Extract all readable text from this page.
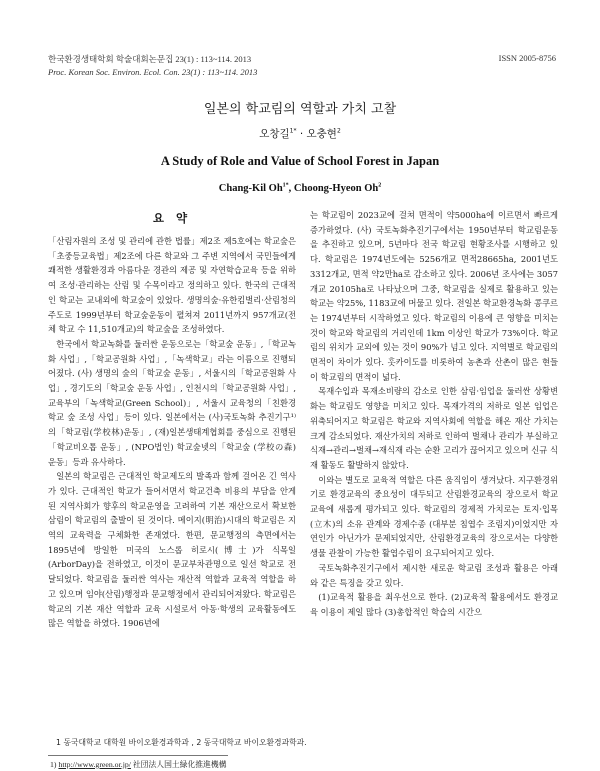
한국환경생태학회 학술대회논문집 23(1) : 113~114. 2013	ISSN 2005-8756
Proc. Korean Soc. Environ. Ecol. Con. 23(1) : 113~114. 2013
일본의 학교림의 역할과 가치 고찰
오창길$^{1*}$ · 오충현$^2$
A Study of Role and Value of School Forest in Japan
Chang-Kil $Oh^{1*}$, Choong-Hyeon Oh$^2$
요 약

「산림자원의 조성 및 관리에 관한 법률」제2조 제5호에는 학교숲은「초중등교육법」제2조에 다른 학교와 그 주변 지역에서 국민들에게 쾌적한 생활환경과 아름다운 경관의 제공 및 자연학습교육 등을 위하여 조성·관리하는 산림 및 수목이라고 정의하고 있다. 한국의 근대적인 학교는 교내외에 학교숲이 있었다. 생명의숲·유한킴벌리·산림청의 주도로 1999년부터 학교숲운동이 펼쳐져 2011년까지 957개교(전체 학교 수 11,510개교)의 학교숲을 조성하였다.

한국에서 학교녹화를 둘러싼 운동으로는「학교숲 운동」,「학교녹화 사업」,「학교공원화 사업」,「녹색학교」라는 이름으로 진행되어졌다. (사) 생명의 숲의「학교숲 운동」, 서울시의「학교공원화 사업」, 경기도의「학교숲 운동 사업」, 인천시의「학교공원화 사업」, 교육부의「녹색학교(Green School)」, 서울시 교육청의「친환경 학교 숲 조성 사업」등이 있다. 일본에서는 (사)국토녹화 추진기구¹⁾의「학교림(学校林)운동」, (재)일본생태계협회를 중심으로 진행된「학교비오톱 운동」, (NPO법인) 학교숲넷의「학교숲 (学校の森)운동」등과 유사하다.

일본의 학교림은 근대적인 학교제도의 발족과 함께 걸어온 긴 역사가 있다. 근대적인 학교가 들어서면서 학교건축 비용의 부담을 안게 된 지역사회가 향후의 학교운영을 고려하여 기본 재산으로서 확보한 삼림이 학교림의 출발이 된 것이다. 메이지(明治)시대의 학교림은 지역의 교육력을 구체화한 존재였다. 한편, 문교행정의 측면에서는 1895년에 방일한 미국의 노스롭 히로시(博士)가 식목일 (ArborDay)을 전하였고, 이것이 문교부차관명으로 일선 학교로 전달되었다. 학교림을 둘러싼 역사는 재산적 역할과 교육적 역할을 하고 있으며 임야(산림)행정과 문교행정에서 관리되어져왔다. 학교림은 학교의 기본 재산 역할과 교육 시설로서 아동·학생의 교육활동에도 많은 역할을 하였다. 1906년에

는 학교림이 2023교에 걸쳐 면적이 약5000ha에 이르면서 빠르게 증가하였다. (사) 국토녹화추진기구에서는 1950년부터 학교림운동을 추진하고 있으며, 5년마다 전국 학교림 현황조사를 시행하고 있다. 학교림은 1974년도에는 5256개교 면적28665ha, 2001년도 3312개교, 면적 약2만ha로 감소하고 있다. 2006년 조사에는 3057개교 20105ha로 나타났으며 그중, 학교림을 실제로 활용하고 있는 학교는 약25%, 1183교에 머물고 있다. 전일본 학교환경녹화 콩쿠르는 1974년부터 시작하였고 있다. 학교림의 이용에 큰 영향을 미치는 것이 학교와 학교림의 거리인데 1km 이상인 학교가 73%이다. 학교림의 위치가 교외에 있는 것이 90%가 넘고 있다. 지역별로 학교림의 면적이 차이가 있다. 홋카이도를 비롯하여 농촌과 산촌이 많은 현들이 학교림의 면적이 넓다.

목재수입과 목재소비량의 감소로 인한 삼림·임업을 둘러싼 상황변화는 학교림도 영향을 미치고 있다. 목재가격의 저하로 일본 임업은 위축되어지고 학교림은 학교와 지역사회에 역할을 해온 재산 가치는 크게 감소되었다. 재산가치의 저하로 인하여 벌채나 관리가 부실하고 식재→관리→벌채→재식재 라는 순환 고리가 끊어지고 있으며 신규 식재 활동도 활발하지 않았다.

이와는 별도로 교육적 역할은 다른 움직임이 생겨났다. 지구환경위기로 환경교육의 중요성이 대두되고 산림환경교육의 장으로서 학교교육에 새롭게 평가되고 있다. 학교림의 경제적 가치로는 토지·입목(立木)의 소유 관계와 경제수종 (대부분 침엽수 조림지)이었지만 자연인가 아닌가가 문제되었지만, 산림환경교육의 장으로서는 다양한 생물 관찰이 가능한 활엽수림이 요구되어지고 있다.

국토녹화추진기구에서 제시한 새로운 학교림 조성과 활용은 아래와 같은 특징을 갖고 있다.

(1)교육적 활용을 최우선으로 한다. (2)교육적 활용에서도 환경교육 이용이 제일 많다 (3)총합적인 학습의 시간으

1 동국대학교 대학원 바이오환경과학과 , 2 동국대학교 바이오환경과학과.
1) http://www.green.or.jp/ 社団法人国土緑化推進機構
